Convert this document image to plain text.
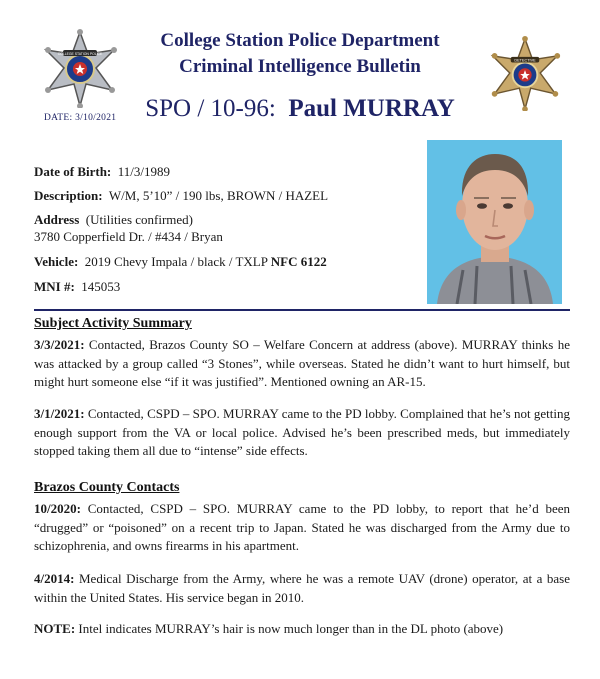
College Station Police Department
Criminal Intelligence Bulletin
SPO / 10-96: Paul MURRAY
DATE: 3/10/2021
COLLEGE STATION POLICE
DETECTIVE
Date of Birth: 11/3/1989
Description: W/M, 5’10” / 190 lbs, BROWN / HAZEL
Address (Utilities confirmed)
3780 Copperfield Dr. / #434 / Bryan
Vehicle: 2019 Chevy Impala / black / TXLP NFC 6122
MNI #: 145053
Subject Activity Summary
3/3/2021: Contacted, Brazos County SO – Welfare Concern at address (above). MURRAY thinks he was attacked by a group called “3 Stones”, while overseas. Stated he didn’t want to hurt himself, but might hurt someone else “if it was justified”. Mentioned owning an AR-15.
3/1/2021: Contacted, CSPD – SPO. MURRAY came to the PD lobby. Complained that he’s not getting enough support from the VA or local police. Advised he’s been prescribed meds, but immediately stopped taking them all due to “intense” side effects.
Brazos County Contacts
10/2020: Contacted, CSPD – SPO. MURRAY came to the PD lobby, to report that he’d been “drugged” or “poisoned” on a recent trip to Japan. Stated he was discharged from the Army due to schizophrenia, and owns firearms in his apartment.
4/2014: Medical Discharge from the Army, where he was a remote UAV (drone) operator, at a base within the United States. His service began in 2010.
NOTE: Intel indicates MURRAY’s hair is now much longer than in the DL photo (above)
